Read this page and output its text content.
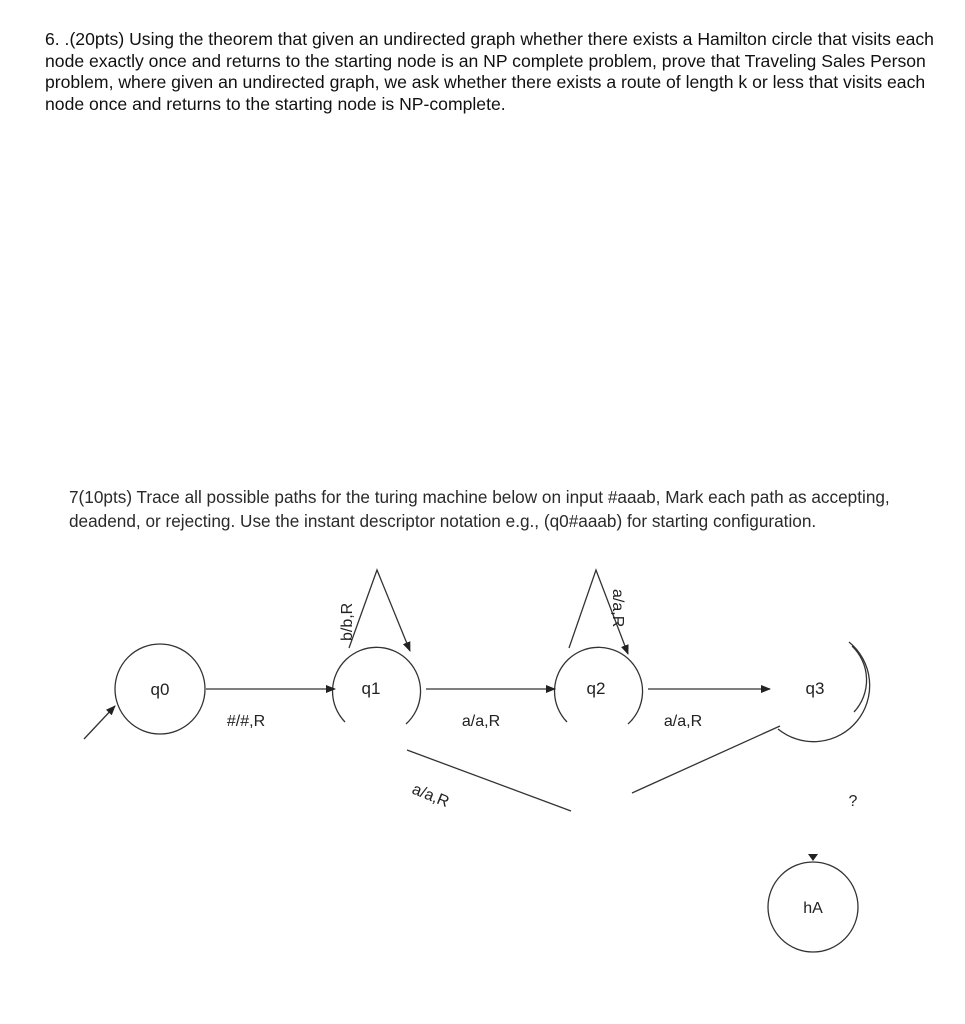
6. .(20pts) Using the theorem that given an undirected graph whether there exists a Hamilton circle that visits each node exactly once and returns to the starting node is an NP complete problem, prove that Traveling Sales Person problem, where given an undirected graph, we ask whether there exists a route of length k or less that visits each node once and returns to the starting node is NP-complete.

7(10pts) Trace all possible paths for the turing machine below on input #aaab, Mark each path as accepting, deadend, or rejecting. Use the instant descriptor notation e.g., (q0#aaab) for starting configuration.

q0	q1	q2	q3
hA
#/#,R	a/a,R	a/a,R
b/b,R	a/a,R
a/a,R	?
